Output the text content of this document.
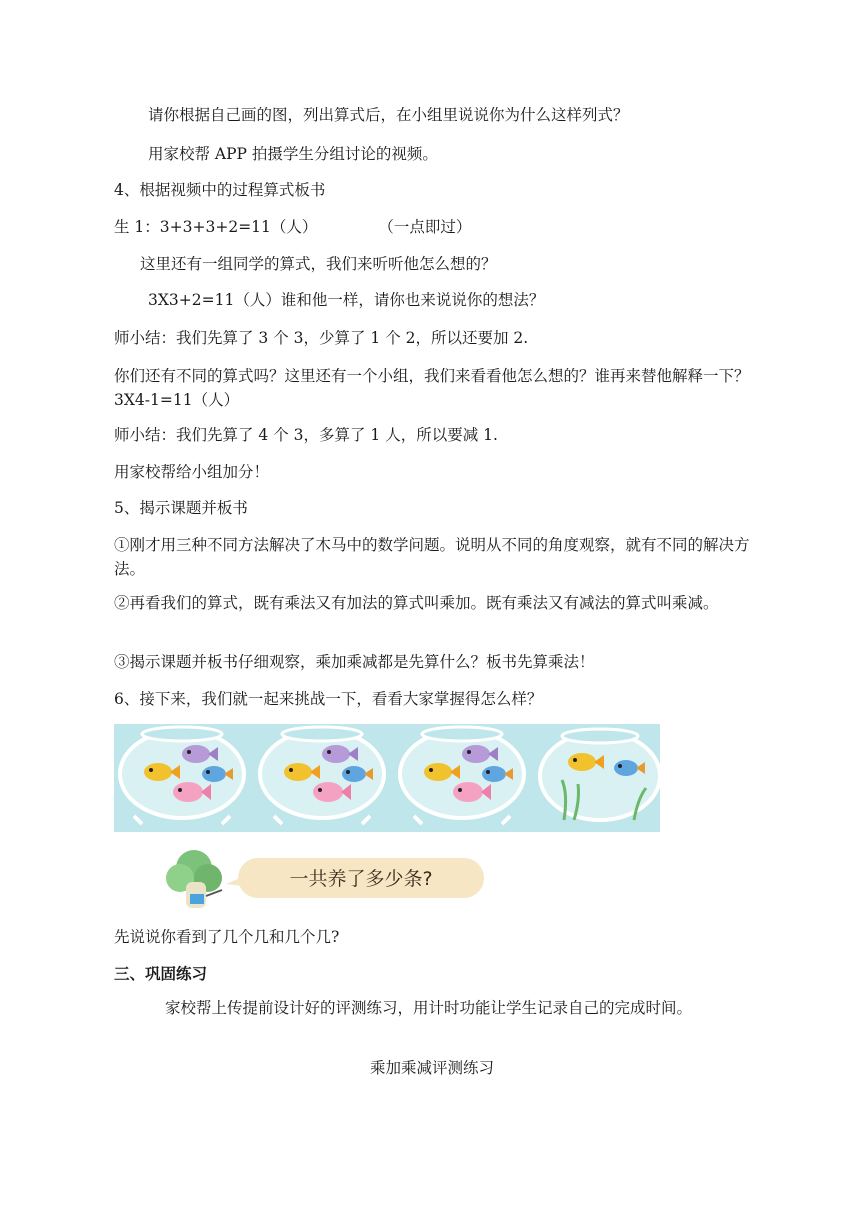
请你根据自己画的图，列出算式后，在小组里说说你为什么这样列式？
用家校帮 APP 拍摄学生分组讨论的视频。
4、根据视频中的过程算式板书
生 1：3+3+3+2=11（人）	（一点即过）
这里还有一组同学的算式，我们来听听他怎么想的？
3X3+2=11（人）谁和他一样，请你也来说说你的想法？
师小结：我们先算了 3 个 3，少算了 1 个 2，所以还要加 2.
你们还有不同的算式吗？这里还有一个小组，我们来看看他怎么想的？谁再来替他解释一下？ 3X4-1=11（人）
师小结：我们先算了 4 个 3，多算了 1 人，所以要减 1.
用家校帮给小组加分！
5、揭示课题并板书
①刚才用三种不同方法解决了木马中的数学问题。说明从不同的角度观察，就有不同的解决方法。
②再看我们的算式，既有乘法又有加法的算式叫乘加。既有乘法又有减法的算式叫乘减。
③揭示课题并板书仔细观察，乘加乘减都是先算什么？板书先算乘法！
6、接下来，我们就一起来挑战一下，看看大家掌握得怎么样？
一共养了多少条?
先说说你看到了几个几和几个几?
三、巩固练习
家校帮上传提前设计好的评测练习，用计时功能让学生记录自己的完成时间。
乘加乘减评测练习
